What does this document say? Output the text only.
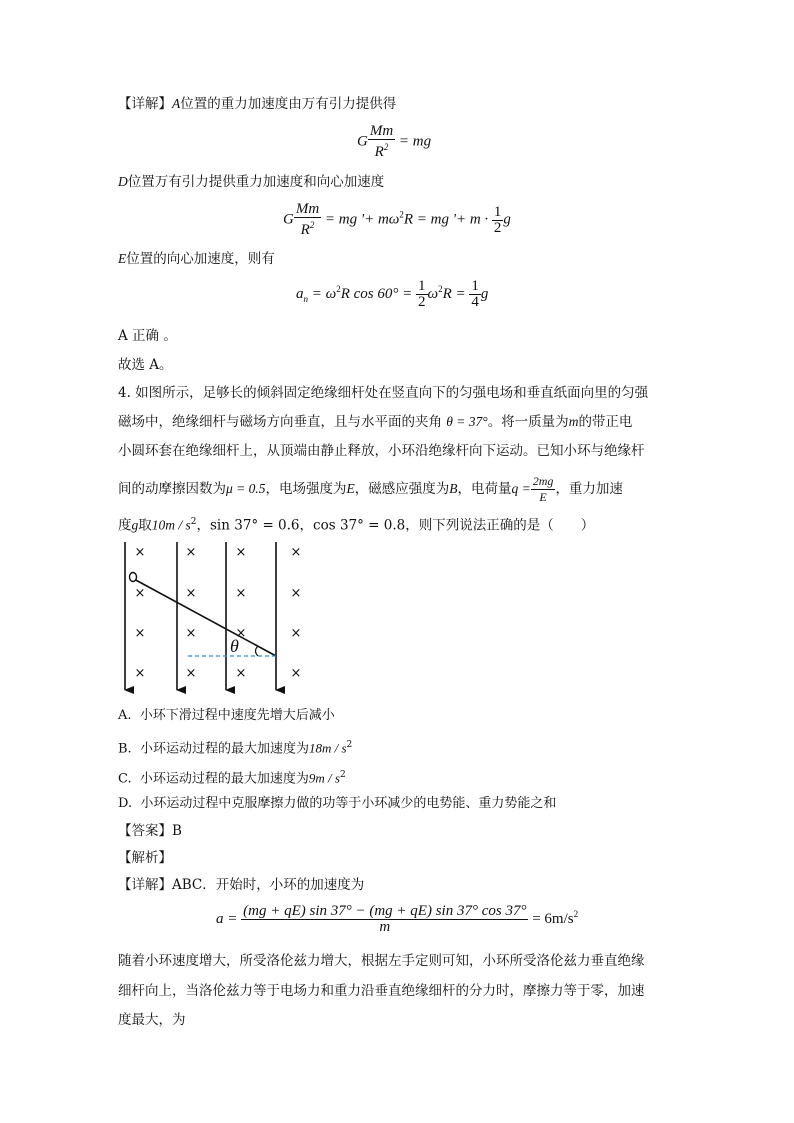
【详解】A位置的重力加速度由万有引力提供得
G $\frac{Mm}{R^2}$ = mg
D位置万有引力提供重力加速度和向心加速度
G $\frac{Mm}{R^2}$ = mg '+ $m\omega^2R$ = mg '+ $m \cdot \frac{1}{2}$ g
E位置的向心加速度，则有
$a_n = \omega^2R$ $\cos 60^\circ = \frac{1}{2} \omega^2R = \frac{1}{4}$ g
A 正确 。
故选 A。
4. 如图所示，足够长的倾斜固定绝缘细杆处在竖直向下的匀强电场和垂直纸面向里的匀强
磁场中，绝缘细杆与磁场方向垂直，且与水平面的夹角 θ = 37°。将一质量为m的带正电
小圆环套在绝缘细杆上，从顶端由静止释放，小环沿绝缘杆向下运动。已知小环与绝缘杆
间的动摩擦因数为μ = 0.5，电场强度为E，磁感应强度为B，电荷量$q = \frac{2mg}{E}$ ，重力加速
度g取$10m / s^2$，sin 37° = 0.6，cos 37° = 0.8，则下列说法正确的是（　　）
×	×	×	×
×	×	×	×
×	×	×	×
×	×	×	×
θ
A. 小环下滑过程中速度先增大后减小
B. 小环运动过程的最大加速度为$18m / s^2$
C. 小环运动过程的最大加速度为$9m / s^2$
D. 小环运动过程中克服摩擦力做的功等于小环减少的电势能、重力势能之和
【答案】B
【解析】
【详解】ABC．开始时，小环的加速度为
$a = \frac{(mg + qE) \sin 37^\circ - (mg + qE) \sin 37^\circ \cos 37^\circ}{m} = 6m/s^2$
随着小环速度增大，所受洛伦兹力增大，根据左手定则可知，小环所受洛伦兹力垂直绝缘
细杆向上，当洛伦兹力等于电场力和重力沿垂直绝缘细杆的分力时，摩擦力等于零，加速
度最大，为
